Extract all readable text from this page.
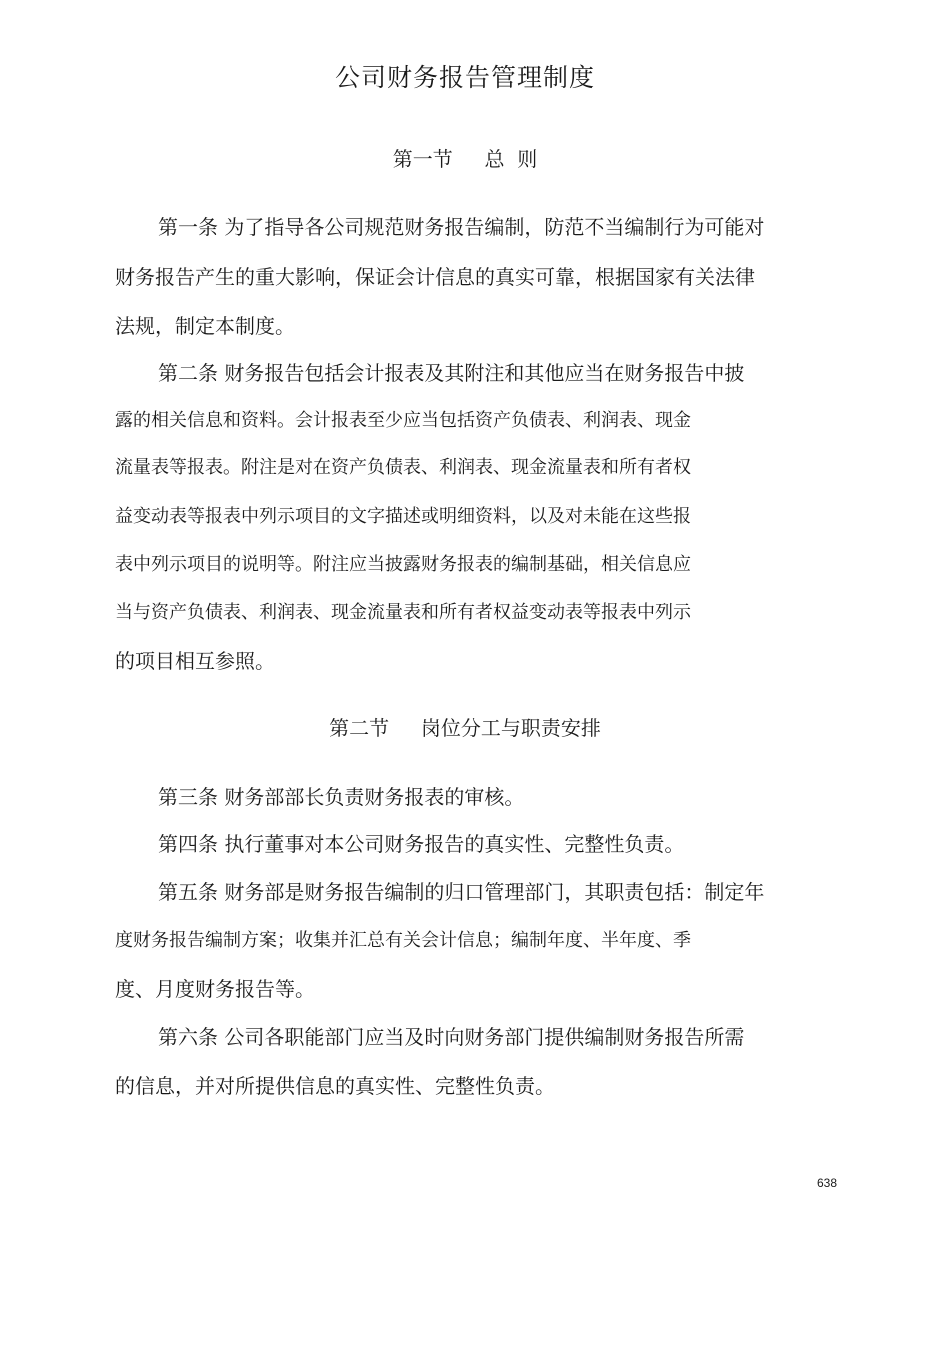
公司财务报告管理制度
第一节     总  则
第一条 为了指导各公司规范财务报告编制，防范不当编制行为可能对
财务报告产生的重大影响，保证会计信息的真实可靠，根据国家有关法律
法规，制定本制度。
第二条 财务报告包括会计报表及其附注和其他应当在财务报告中披
露的相关信息和资料。会计报表至少应当包括资产负债表、利润表、现金
流量表等报表。附注是对在资产负债表、利润表、现金流量表和所有者权
益变动表等报表中列示项目的文字描述或明细资料，以及对未能在这些报
表中列示项目的说明等。附注应当披露财务报表的编制基础，相关信息应
当与资产负债表、利润表、现金流量表和所有者权益变动表等报表中列示
的项目相互参照。
第二节     岗位分工与职责安排
第三条 财务部部长负责财务报表的审核。
第四条 执行董事对本公司财务报告的真实性、完整性负责。
第五条 财务部是财务报告编制的归口管理部门，其职责包括：制定年
度财务报告编制方案；收集并汇总有关会计信息；编制年度、半年度、季
度、月度财务报告等。
第六条 公司各职能部门应当及时向财务部门提供编制财务报告所需
的信息，并对所提供信息的真实性、完整性负责。
638
